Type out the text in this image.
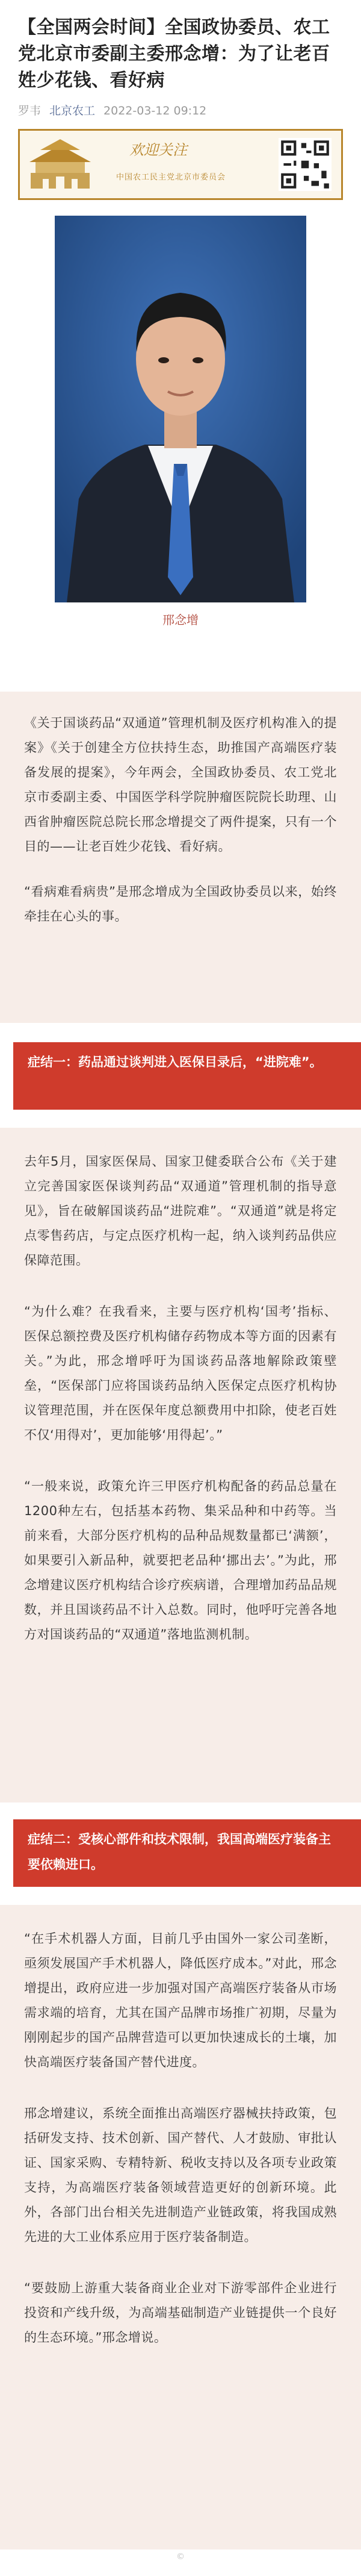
【全国两会时间】全国政协委员、农工党北京市委副主委邢念增：为了让老百姓少花钱、看好病
罗韦 北京农工 2022-03-12 09:12
欢迎关注
中国农工民主党北京市委员会
邢念增

《关于国谈药品“双通道”管理机制及医疗机构准入的提案》《关于创建全方位扶持生态，助推国产高端医疗装备发展的提案》，今年两会，全国政协委员、农工党北京市委副主委、中国医学科学院肿瘤医院院长助理、山西省肿瘤医院总院长邢念增提交了两件提案，只有一个目的——让老百姓少花钱、看好病。

“看病难看病贵”是邢念增成为全国政协委员以来，始终牵挂在心头的事。

症结一：药品通过谈判进入医保目录后，“进院难”。

去年5月，国家医保局、国家卫健委联合公布《关于建立完善国家医保谈判药品“双通道”管理机制的指导意见》，旨在破解国谈药品“进院难”。“双通道”就是将定点零售药店，与定点医疗机构一起，纳入谈判药品供应保障范围。

“为什么难？在我看来，主要与医疗机构‘国考’指标、医保总额控费及医疗机构储存药物成本等方面的因素有关。”为此，邢念增呼吁为国谈药品落地解除政策壁垒，“医保部门应将国谈药品纳入医保定点医疗机构协议管理范围，并在医保年度总额费用中扣除，使老百姓不仅‘用得对’，更加能够‘用得起’。”

“一般来说，政策允许三甲医疗机构配备的药品总量在1200种左右，包括基本药物、集采品种和中药等。当前来看，大部分医疗机构的品种品规数量都已‘满额’，如果要引入新品种，就要把老品种‘挪出去’。”为此，邢念增建议医疗机构结合诊疗疾病谱，合理增加药品品规数，并且国谈药品不计入总数。同时，他呼吁完善各地方对国谈药品的“双通道”落地监测机制。

症结二：受核心部件和技术限制，我国高端医疗装备主要依赖进口。

“在手术机器人方面，目前几乎由国外一家公司垄断，亟须发展国产手术机器人，降低医疗成本。”对此，邢念增提出，政府应进一步加强对国产高端医疗装备从市场需求端的培育，尤其在国产品牌市场推广初期，尽量为刚刚起步的国产品牌营造可以更加快速成长的土壤，加快高端医疗装备国产替代进度。

邢念增建议，系统全面推出高端医疗器械扶持政策，包括研发支持、技术创新、国产替代、人才鼓励、审批认证、国家采购、专精特新、税收支持以及各项专业政策支持，为高端医疗装备领域营造更好的创新环境。此外，各部门出台相关先进制造产业链政策，将我国成熟先进的大工业体系应用于医疗装备制造。

“要鼓励上游重大装备商业企业对下游零部件企业进行投资和产线升级，为高端基础制造产业链提供一个良好的生态环境。”邢念增说。

©
